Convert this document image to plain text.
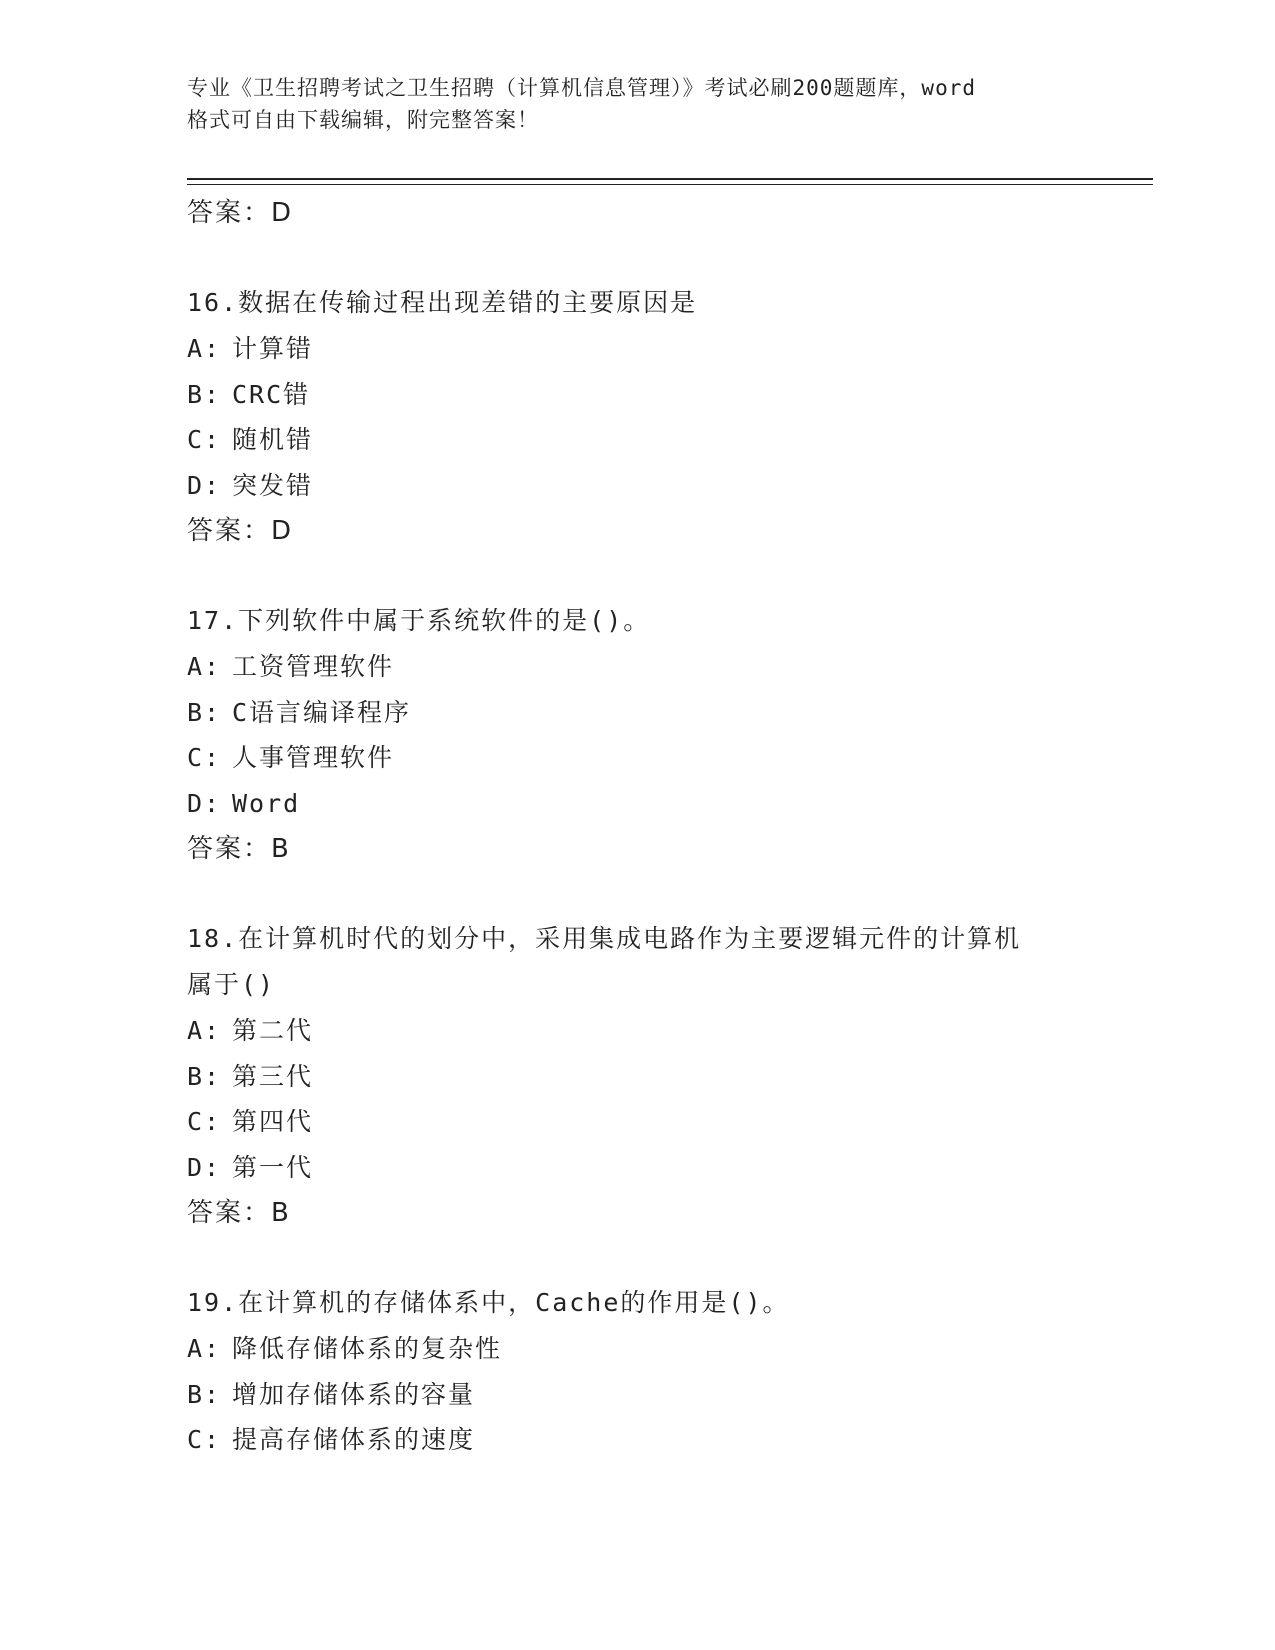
专业《卫生招聘考试之卫生招聘（计算机信息管理）》考试必刷200题题库，word
格式可自由下载编辑，附完整答案！
答案：D
16.数据在传输过程出现差错的主要原因是
A: 计算错
B: CRC错
C: 随机错
D: 突发错
答案：D
17.下列软件中属于系统软件的是()。
A: 工资管理软件
B: C语言编译程序
C: 人事管理软件
D: Word
答案：B
18.在计算机时代的划分中，采用集成电路作为主要逻辑元件的计算机
属于()
A: 第二代
B: 第三代
C: 第四代
D: 第一代
答案：B
19.在计算机的存储体系中，Cache的作用是()。
A: 降低存储体系的复杂性
B: 增加存储体系的容量
C: 提高存储体系的速度
